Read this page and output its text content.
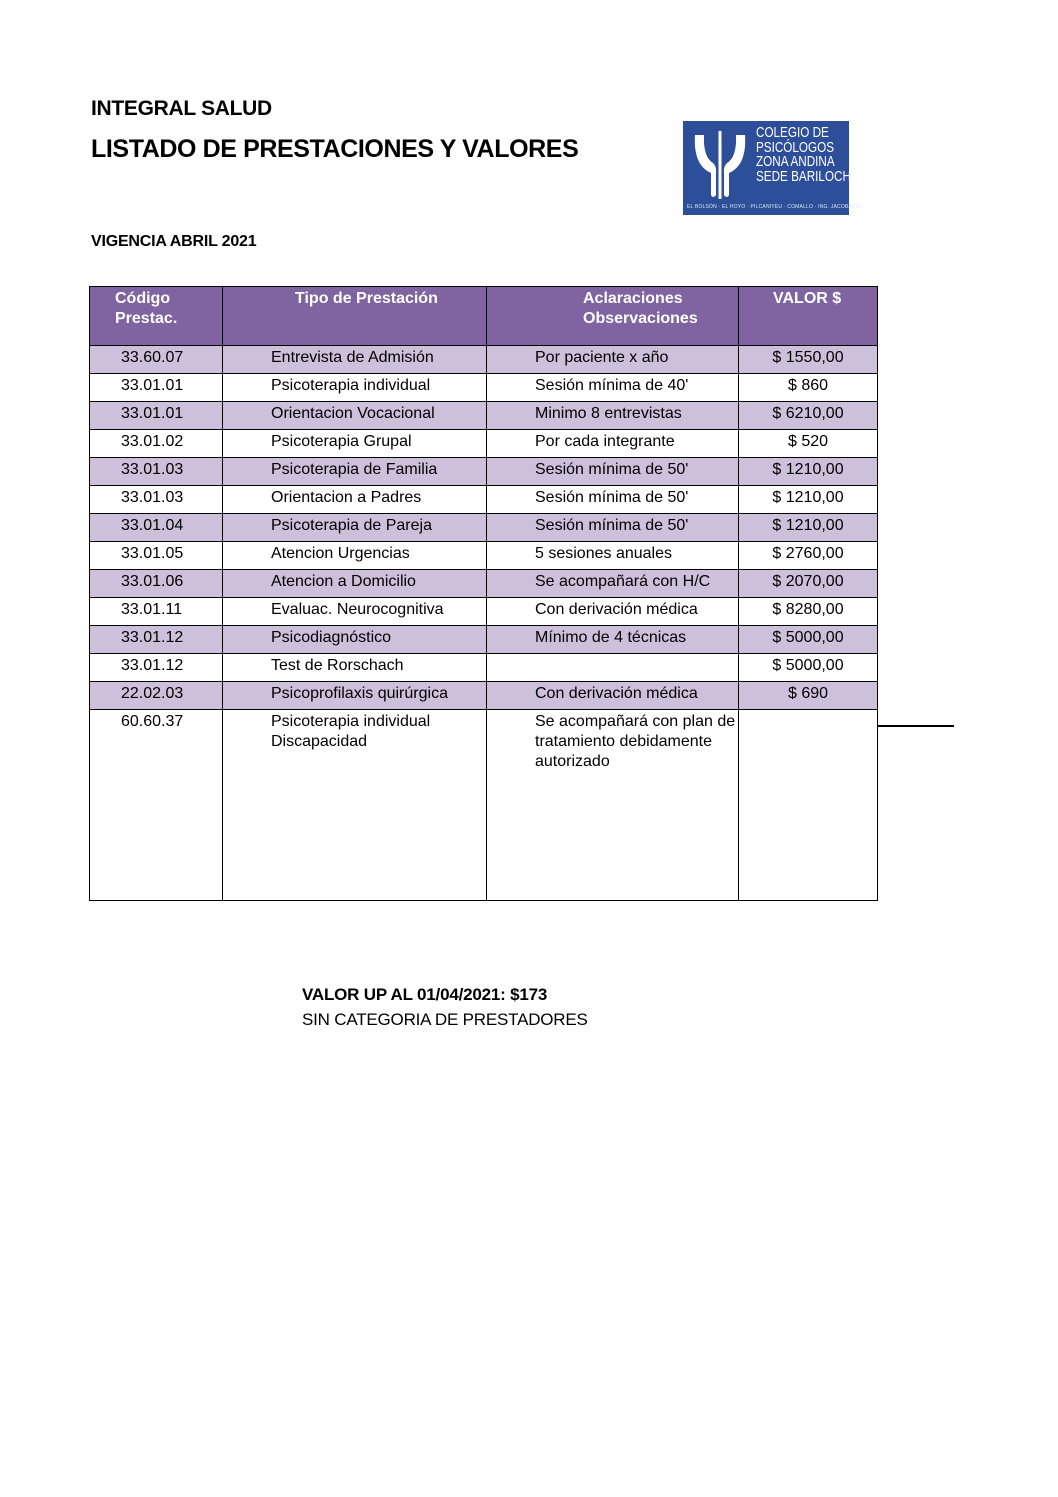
INTEGRAL SALUD
LISTADO DE PRESTACIONES Y VALORES
VIGENCIA ABRIL 2021
COLEGIO DE
PSICÓLOGOS
ZONA ANDINA
SEDE BARILOCHE
EL BOLSÓN · EL HOYO · PILCANIYEU · COMALLO · ING. JACOBACCI
Código Prestac.	Tipo de Prestación	Aclaraciones Observaciones	VALOR $
33.60.07	Entrevista de Admisión	Por paciente x año	$ 1550,00
33.01.01	Psicoterapia individual	Sesión mínima de 40'	$ 860
33.01.01	Orientacion Vocacional	Minimo 8 entrevistas	$ 6210,00
33.01.02	Psicoterapia Grupal	Por cada integrante	$ 520
33.01.03	Psicoterapia de Familia	Sesión mínima de 50'	$ 1210,00
33.01.03	Orientacion a Padres	Sesión mínima de 50'	$ 1210,00
33.01.04	Psicoterapia de Pareja	Sesión mínima de 50'	$ 1210,00
33.01.05	Atencion Urgencias	5 sesiones anuales	$ 2760,00
33.01.06	Atencion a Domicilio	Se acompañará con H/C	$ 2070,00
33.01.11	Evaluac. Neurocognitiva	Con derivación médica	$ 8280,00
33.01.12	Psicodiagnóstico	Mínimo de 4 técnicas	$ 5000,00
33.01.12	Test de Rorschach		$ 5000,00
22.02.03	Psicoprofilaxis quirúrgica	Con derivación médica	$ 690
60.60.37	Psicoterapia individual Discapacidad	Se acompañará con plan de tratamiento debidamente autorizado	
VALOR UP AL 01/04/2021: $173
SIN CATEGORIA DE PRESTADORES
